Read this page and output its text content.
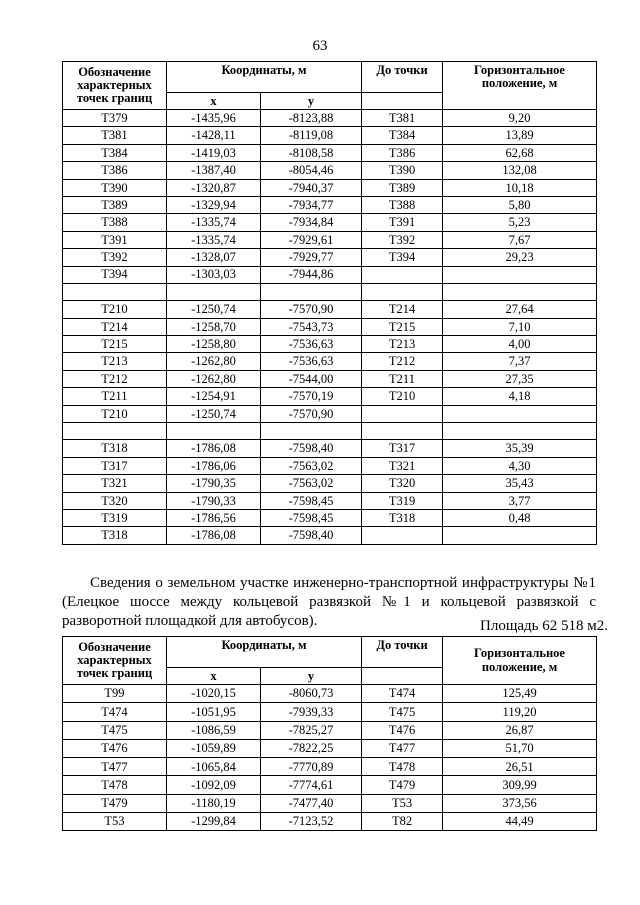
63
Обозначение характерных точек границ	Координаты, м		До точки	Горизонтальное положение, м
	x	y		
Т379	-1435,96	-8123,88	Т381	9,20
Т381	-1428,11	-8119,08	Т384	13,89
Т384	-1419,03	-8108,58	Т386	62,68
Т386	-1387,40	-8054,46	Т390	132,08
Т390	-1320,87	-7940,37	Т389	10,18
Т389	-1329,94	-7934,77	Т388	5,80
Т388	-1335,74	-7934,84	Т391	5,23
Т391	-1335,74	-7929,61	Т392	7,67
Т392	-1328,07	-7929,77	Т394	29,23
Т394	-1303,03	-7944,86		

Т210	-1250,74	-7570,90	Т214	27,64
Т214	-1258,70	-7543,73	Т215	7,10
Т215	-1258,80	-7536,63	Т213	4,00
Т213	-1262,80	-7536,63	Т212	7,37
Т212	-1262,80	-7544,00	Т211	27,35
Т211	-1254,91	-7570,19	Т210	4,18
Т210	-1250,74	-7570,90		

Т318	-1786,08	-7598,40	Т317	35,39
Т317	-1786,06	-7563,02	Т321	4,30
Т321	-1790,35	-7563,02	Т320	35,43
Т320	-1790,33	-7598,45	Т319	3,77
Т319	-1786,56	-7598,45	Т318	0,48
Т318	-1786,08	-7598,40		

Сведения о земельном участке инженерно-транспортной инфраструктуры №1 (Елецкое шоссе между кольцевой развязкой №1 и кольцевой развязкой с разворотной площадкой для автобусов).	Площадь 62 518 м2.
Обозначение характерных точек границ	Координаты, м		До точки	Горизонтальное положение, м
	x	y		
Т99	-1020,15	-8060,73	Т474	125,49
Т474	-1051,95	-7939,33	Т475	119,20
Т475	-1086,59	-7825,27	Т476	26,87
Т476	-1059,89	-7822,25	Т477	51,70
Т477	-1065,84	-7770,89	Т478	26,51
Т478	-1092,09	-7774,61	Т479	309,99
Т479	-1180,19	-7477,40	Т53	373,56
Т53	-1299,84	-7123,52	Т82	44,49
